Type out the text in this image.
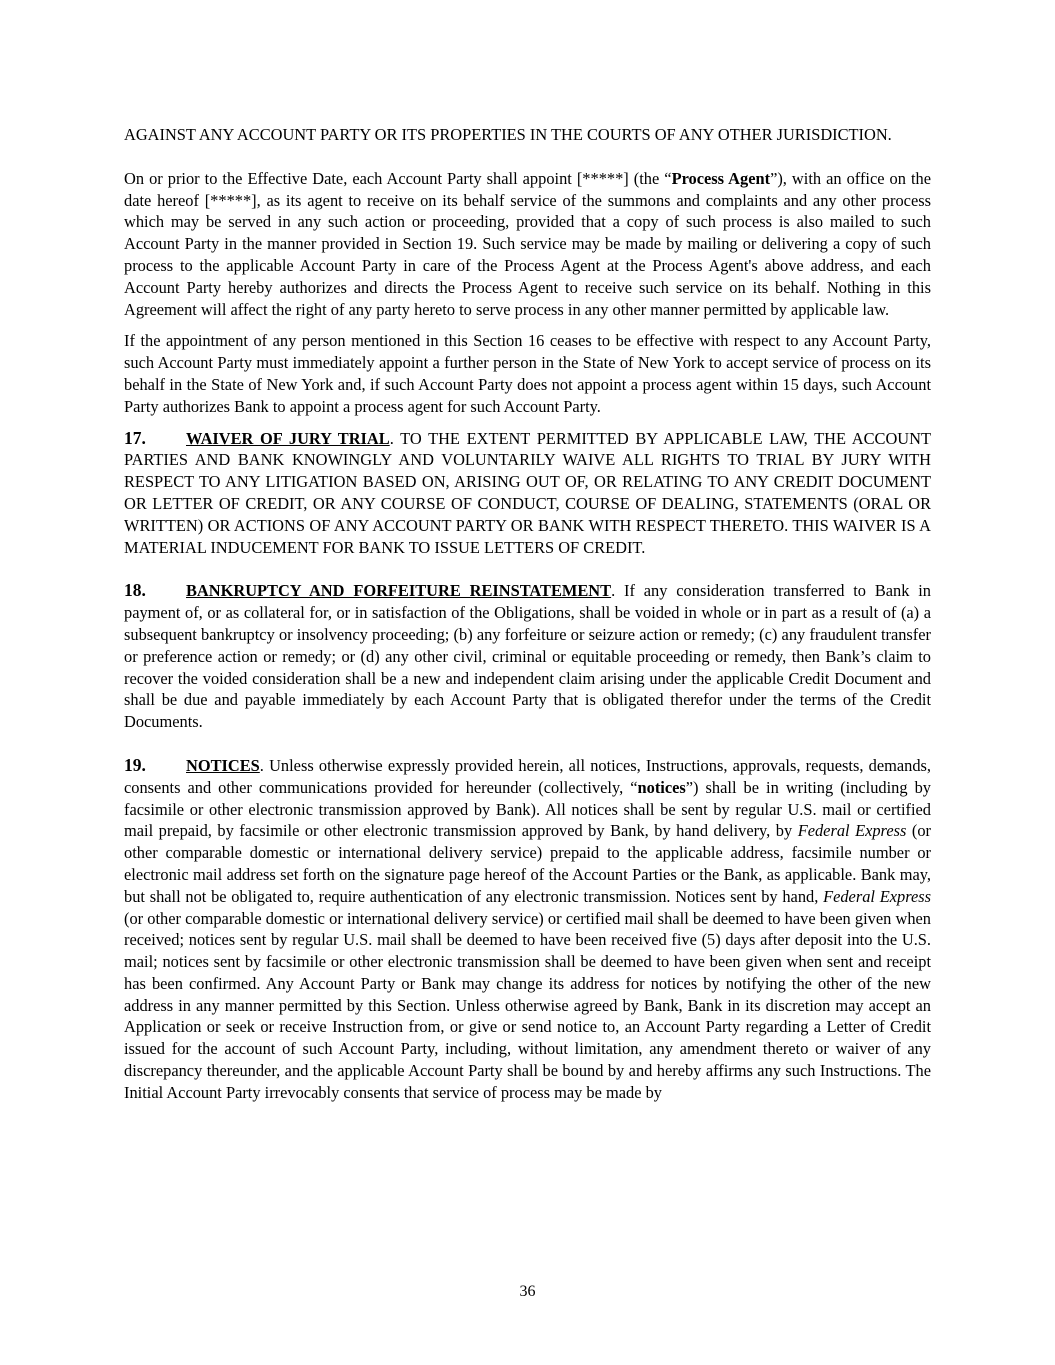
AGAINST ANY ACCOUNT PARTY OR ITS PROPERTIES IN THE COURTS OF ANY OTHER JURISDICTION.

On or prior to the Effective Date, each Account Party shall appoint [*****] (the “Process Agent”), with an office on the date hereof [*****], as its agent to receive on its behalf service of the summons and complaints and any other process which may be served in any such action or proceeding, provided that a copy of such process is also mailed to such Account Party in the manner provided in Section 19. Such service may be made by mailing or delivering a copy of such process to the applicable Account Party in care of the Process Agent at the Process Agent's above address, and each Account Party hereby authorizes and directs the Process Agent to receive such service on its behalf. Nothing in this Agreement will affect the right of any party hereto to serve process in any other manner permitted by applicable law.

If the appointment of any person mentioned in this Section 16 ceases to be effective with respect to any Account Party, such Account Party must immediately appoint a further person in the State of New York to accept service of process on its behalf in the State of New York and, if such Account Party does not appoint a process agent within 15 days, such Account Party authorizes Bank to appoint a process agent for such Account Party.

17. WAIVER OF JURY TRIAL. TO THE EXTENT PERMITTED BY APPLICABLE LAW, THE ACCOUNT PARTIES AND BANK KNOWINGLY AND VOLUNTARILY WAIVE ALL RIGHTS TO TRIAL BY JURY WITH RESPECT TO ANY LITIGATION BASED ON, ARISING OUT OF, OR RELATING TO ANY CREDIT DOCUMENT OR LETTER OF CREDIT, OR ANY COURSE OF CONDUCT, COURSE OF DEALING, STATEMENTS (ORAL OR WRITTEN) OR ACTIONS OF ANY ACCOUNT PARTY OR BANK WITH RESPECT THERETO. THIS WAIVER IS A MATERIAL INDUCEMENT FOR BANK TO ISSUE LETTERS OF CREDIT.

18. BANKRUPTCY AND FORFEITURE REINSTATEMENT. If any consideration transferred to Bank in payment of, or as collateral for, or in satisfaction of the Obligations, shall be voided in whole or in part as a result of (a) a subsequent bankruptcy or insolvency proceeding; (b) any forfeiture or seizure action or remedy; (c) any fraudulent transfer or preference action or remedy; or (d) any other civil, criminal or equitable proceeding or remedy, then Bank’s claim to recover the voided consideration shall be a new and independent claim arising under the applicable Credit Document and shall be due and payable immediately by each Account Party that is obligated therefor under the terms of the Credit Documents.

19. NOTICES. Unless otherwise expressly provided herein, all notices, Instructions, approvals, requests, demands, consents and other communications provided for hereunder (collectively, “notices”) shall be in writing (including by facsimile or other electronic transmission approved by Bank). All notices shall be sent by regular U.S. mail or certified mail prepaid, by facsimile or other electronic transmission approved by Bank, by hand delivery, by Federal Express (or other comparable domestic or international delivery service) prepaid to the applicable address, facsimile number or electronic mail address set forth on the signature page hereof of the Account Parties or the Bank, as applicable. Bank may, but shall not be obligated to, require authentication of any electronic transmission. Notices sent by hand, Federal Express (or other comparable domestic or international delivery service) or certified mail shall be deemed to have been given when received; notices sent by regular U.S. mail shall be deemed to have been received five (5) days after deposit into the U.S. mail; notices sent by facsimile or other electronic transmission shall be deemed to have been given when sent and receipt has been confirmed. Any Account Party or Bank may change its address for notices by notifying the other of the new address in any manner permitted by this Section. Unless otherwise agreed by Bank, Bank in its discretion may accept an Application or seek or receive Instruction from, or give or send notice to, an Account Party regarding a Letter of Credit issued for the account of such Account Party, including, without limitation, any amendment thereto or waiver of any discrepancy thereunder, and the applicable Account Party shall be bound by and hereby affirms any such Instructions. The Initial Account Party irrevocably consents that service of process may be made by

36
